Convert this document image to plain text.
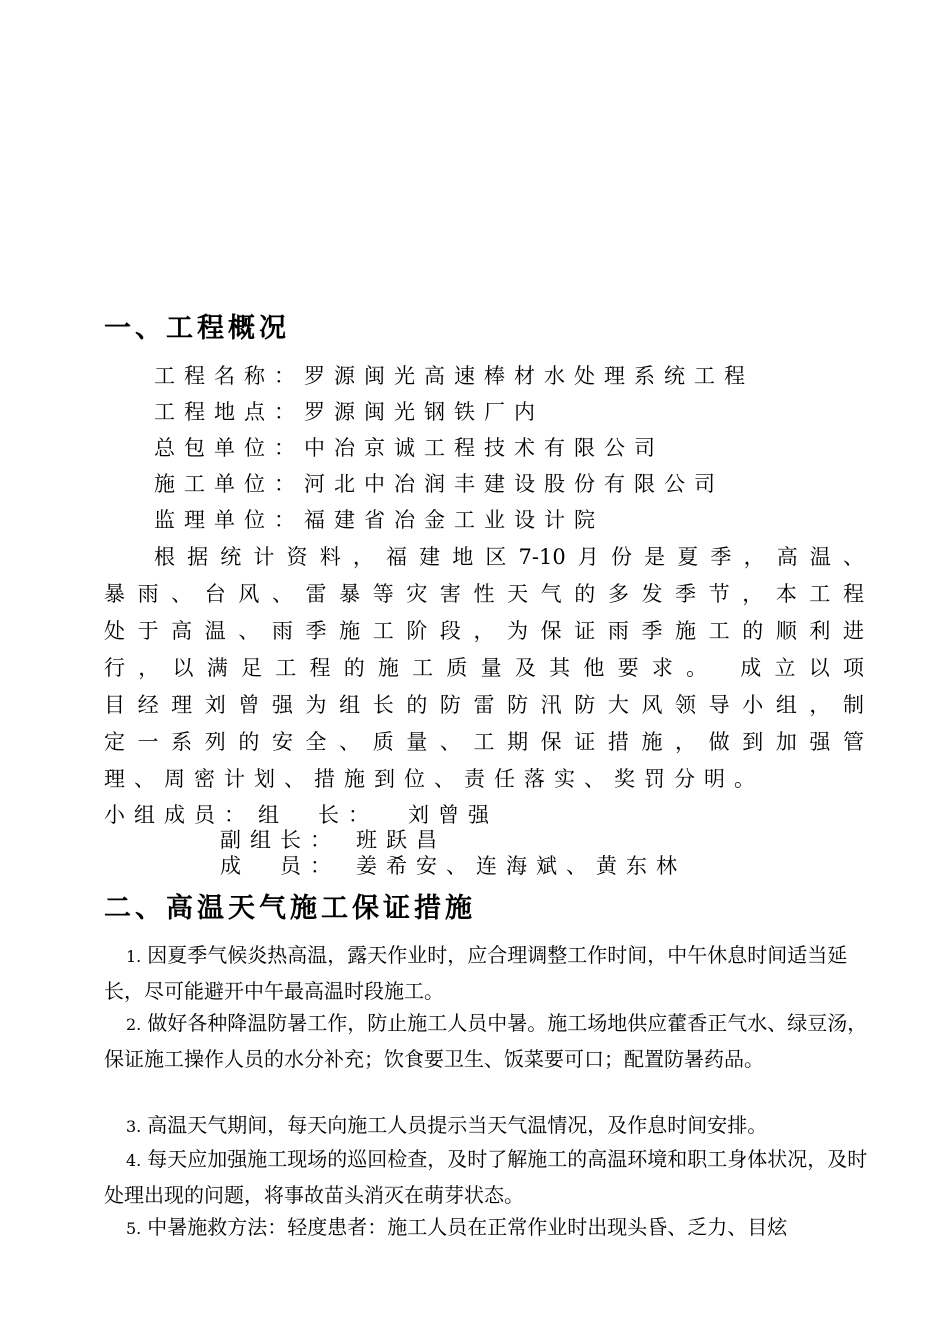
一、工程概况
工程名称：罗源闽光高速棒材水处理系统工程
工程地点：罗源闽光钢铁厂内
总包单位：中冶京诚工程技术有限公司
施工单位：河北中冶润丰建设股份有限公司
监理单位：福建省冶金工业设计院
根据统计资料，福建地区7-10月份是夏季，高温、
暴雨、台风、雷暴等灾害性天气的多发季节，本工程
处于高温、雨季施工阶段，为保证雨季施工的顺利进
行，以满足工程的施工质量及其他要求。 成立以项
目经理刘曾强为组长的防雷防汛防大风领导小组，制
定一系列的安全、质量、工期保证措施，做到加强管
理、周密计划、措施到位、责任落实、奖罚分明。
小组成员： 组　长： 刘曾强
副组长： 班跃昌
成　员： 姜希安、连海斌、黄东林
二、高温天气施工保证措施
1. 因夏季气候炎热高温，露天作业时，应合理调整工作时间，中午休息时间适当延长，尽可能避开中午最高温时段施工。
2. 做好各种降温防暑工作，防止施工人员中暑。施工场地供应藿香正气水、绿豆汤，保证施工操作人员的水分补充；饮食要卫生、饭菜要可口；配置防暑药品。
3. 高温天气期间，每天向施工人员提示当天气温情况，及作息时间安排。
4. 每天应加强施工现场的巡回检查，及时了解施工的高温环境和职工身体状况，及时处理出现的问题，将事故苗头消灭在萌芽状态。
5. 中暑施救方法：轻度患者：施工人员在正常作业时出现头昏、乏力、目炫
